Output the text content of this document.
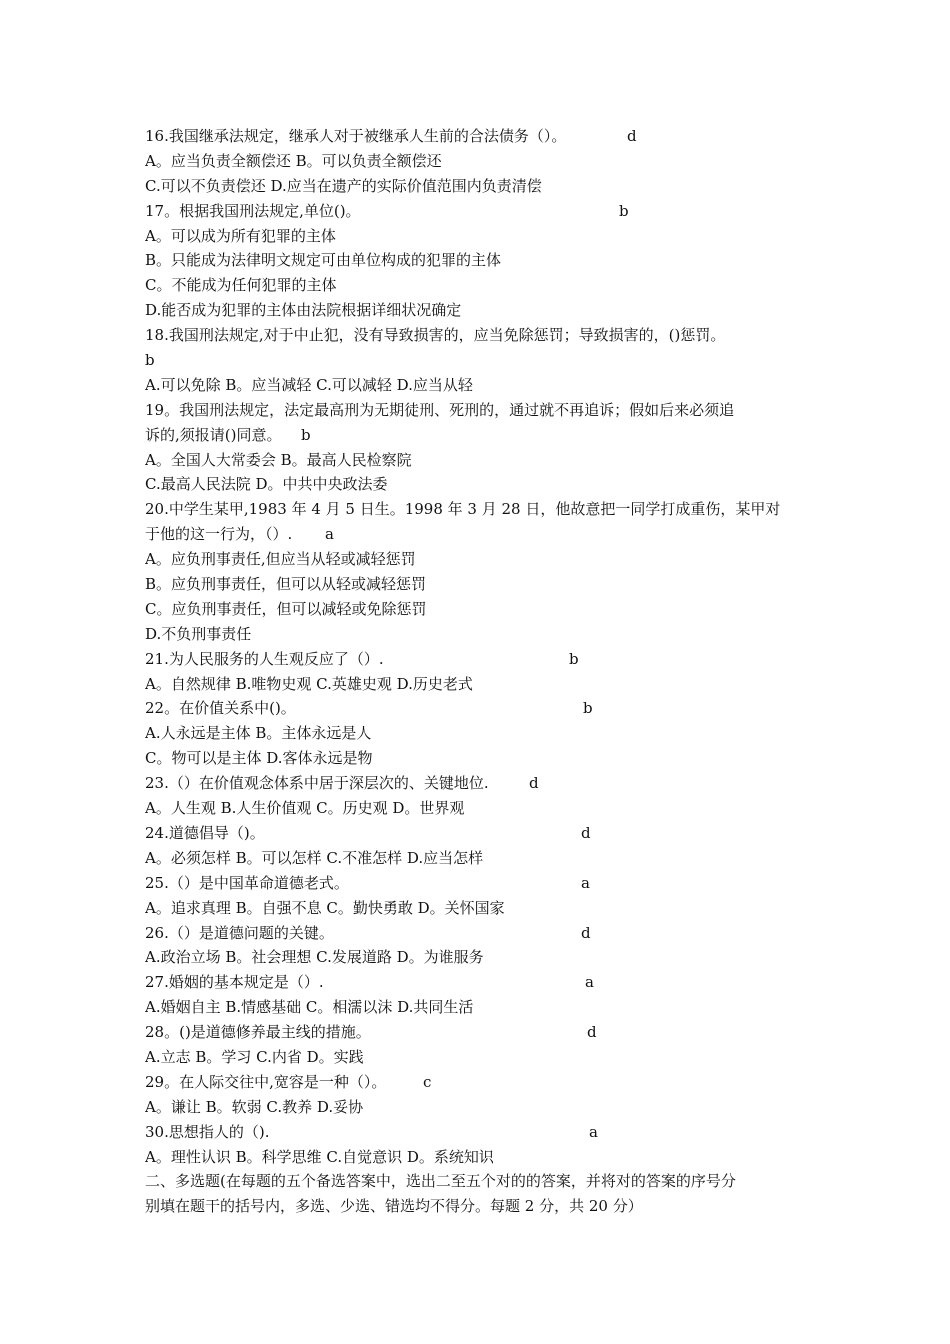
16.我国继承法规定，继承人对于被继承人生前的合法债务（）。	d
A。应当负责全额偿还 B。可以负责全额偿还
C.可以不负责偿还 D.应当在遗产的实际价值范围内负责清偿
17。根据我国刑法规定,单位()。	b
A。可以成为所有犯罪的主体
B。只能成为法律明文规定可由单位构成的犯罪的主体
C。不能成为任何犯罪的主体
D.能否成为犯罪的主体由法院根据详细状况确定
18.我国刑法规定,对于中止犯，没有导致损害的，应当免除惩罚；导致损害的，()惩罚。
b
A.可以免除 B。应当减轻 C.可以减轻 D.应当从轻
19。我国刑法规定，法定最高刑为无期徒刑、死刑的，通过就不再追诉；假如后来必须追
诉的,须报请()同意。 b
A。全国人大常委会 B。最高人民检察院
C.最高人民法院 D。中共中央政法委
20.中学生某甲,1983 年 4 月 5 日生。1998 年 3 月 28 日，他故意把一同学打成重伤，某甲对
于他的这一行为，（）. a
A。应负刑事责任,但应当从轻或减轻惩罚
B。应负刑事责任，但可以从轻或减轻惩罚
C。应负刑事责任，但可以减轻或免除惩罚
D.不负刑事责任
21.为人民服务的人生观反应了（）.	b
A。自然规律 B.唯物史观 C.英雄史观 D.历史老式
22。在价值关系中()。	b
A.人永远是主体 B。主体永远是人
C。物可以是主体 D.客体永远是物
23.（）在价值观念体系中居于深层次的、关键地位.	d
A。人生观 B.人生价值观 C。历史观 D。世界观
24.道德倡导（)。	d
A。必须怎样 B。可以怎样 C.不准怎样 D.应当怎样
25.（）是中国革命道德老式。	a
A。追求真理 B。自强不息 C。勤快勇敢 D。关怀国家
26.（）是道德问题的关键。	d
A.政治立场 B。社会理想 C.发展道路 D。为谁服务
27.婚姻的基本规定是（）.	a
A.婚姻自主 B.情感基础 C。相濡以沫 D.共同生活
28。()是道德修养最主线的措施。	d
A.立志 B。学习 C.内省 D。实践
29。在人际交往中,宽容是一种（）。 c
A。谦让 B。软弱 C.教养 D.妥协
30.思想指人的（).	a
A。理性认识 B。科学思维 C.自觉意识 D。系统知识
二、多选题(在每题的五个备选答案中，选出二至五个对的的答案，并将对的答案的序号分
别填在题干的括号内，多选、少选、错选均不得分。每题 2 分，共 20 分）
